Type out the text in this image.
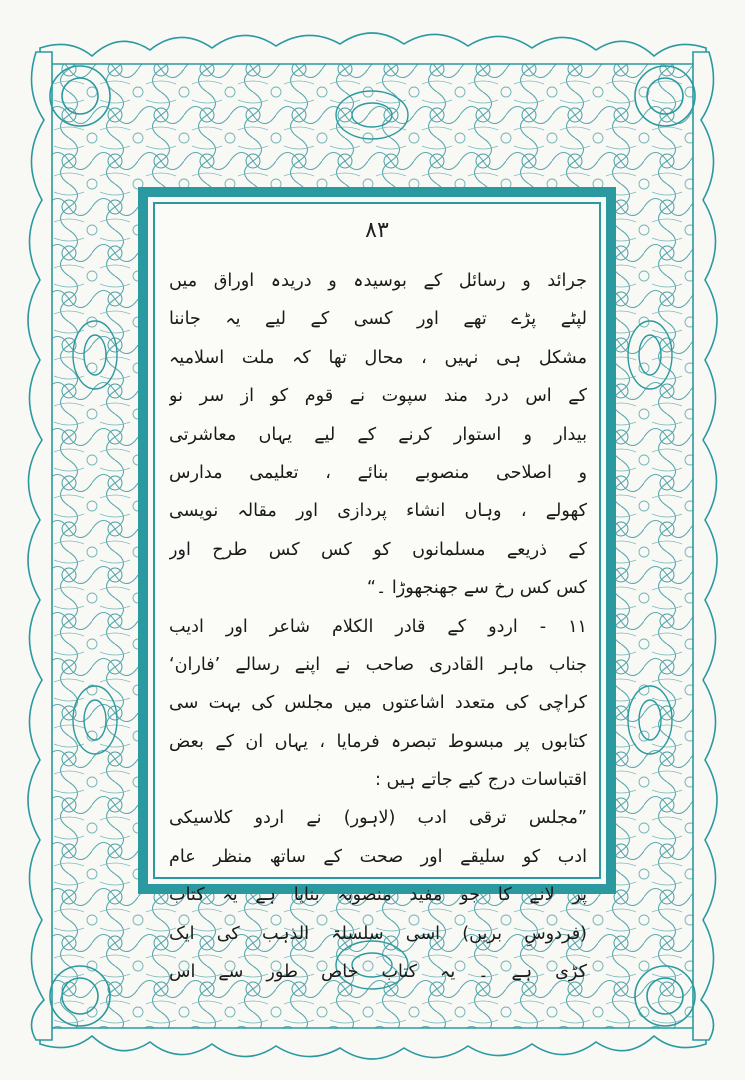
۸۳
جرائد و رسائل کے بوسیدہ و دریدہ اوراق میں
لپٹے پڑے تھے اور کسی کے لیے یہ جاننا
مشکل ہی نہیں ، محال تھا کہ ملت اسلامیہ
کے اس درد مند سپوت نے قوم کو از سر نو
بیدار و استوار کرنے کے لیے یہاں معاشرتی
و اصلاحی منصوبے بنائے ، تعلیمی مدارس
کھولے ، وہاں انشاء پردازی اور مقالہ نویسی
کے ذریعے مسلمانوں کو کس کس طرح اور
کس کس رخ سے جھنجھوڑا ۔“
۱۱ - اردو کے قادر الکلام شاعر اور ادیب
جناب ماہر القادری صاحب نے اپنے رسالے ’فاران‘
کراچی کی متعدد اشاعتوں میں مجلس کی بہت سی
کتابوں پر مبسوط تبصرہ فرمایا ، یہاں ان کے بعض
اقتباسات درج کیے جاتے ہیں :
”مجلس ترقی ادب (لاہور) نے اردو کلاسیکی
ادب کو سلیقے اور صحت کے ساتھ منظر عام
پر لانے کا جو مفید منصوبہ بنایا ہے یہ کتاب
(فردوسِ بریں) اسی سلسلۃ الذہب کی ایک
کڑی ہے ۔ یہ کتاب خاص طور سے اس
